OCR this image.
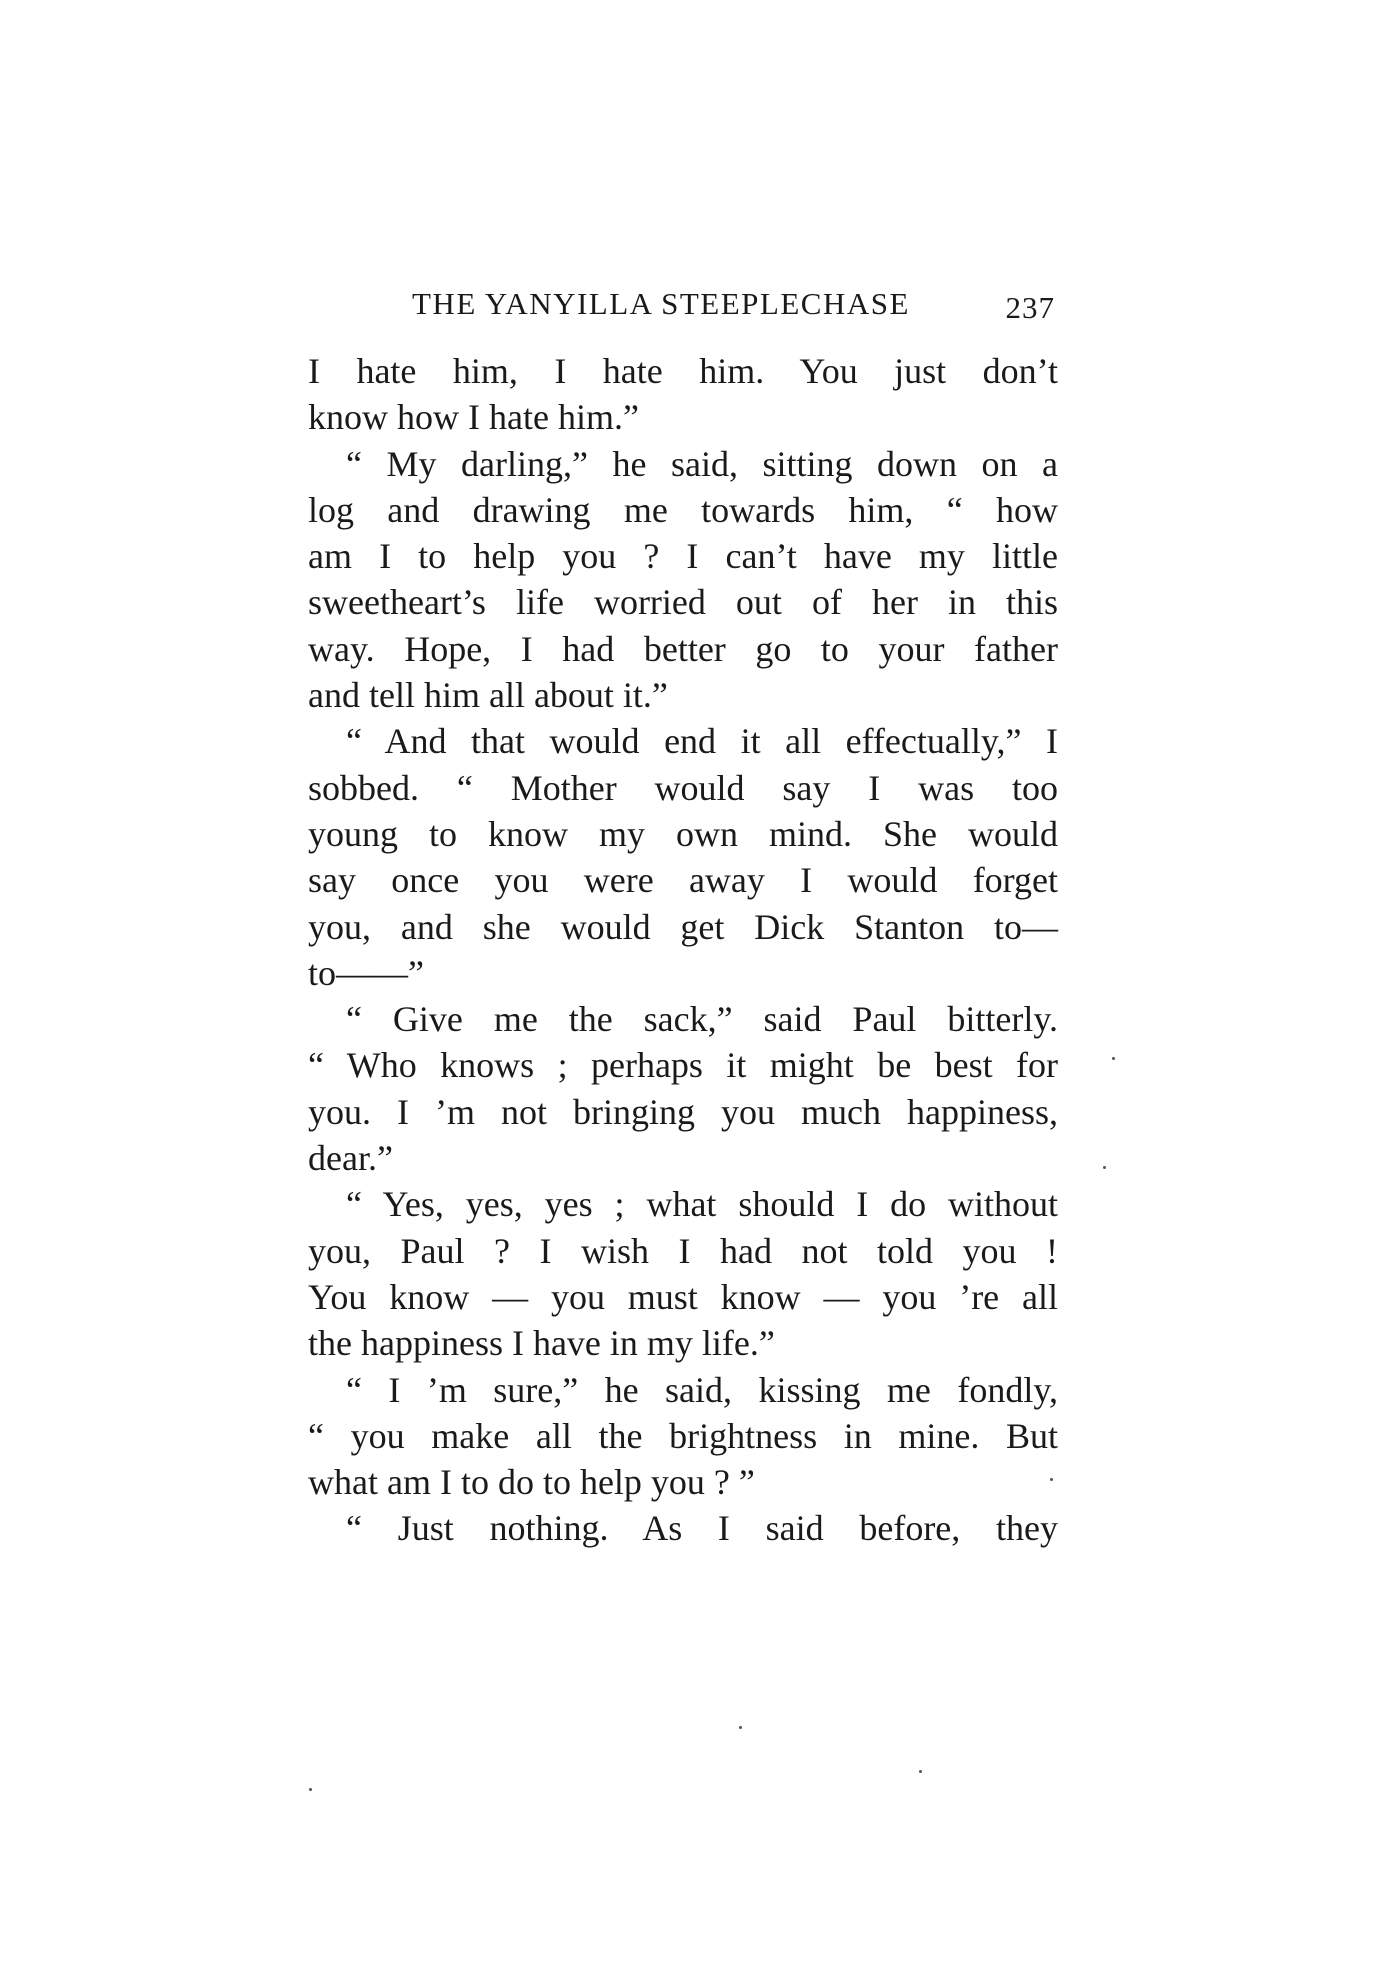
THE YANYILLA STEEPLECHASE	237
I hate him, I hate him. You just don’t
know how I hate him.”
“ My darling,” he said, sitting down on a
log and drawing me towards him, “ how
am I to help you ? I can’t have my little
sweetheart’s life worried out of her in this
way. Hope, I had better go to your father
and tell him all about it.”
“ And that would end it all effectually,” I
sobbed. “ Mother would say I was too
young to know my own mind. She would
say once you were away I would forget
you, and she would get Dick Stanton to—
to——”
“ Give me the sack,” said Paul bitterly.
“ Who knows ; perhaps it might be best for
you. I ’m not bringing you much happiness,
dear.”
“ Yes, yes, yes ; what should I do without
you, Paul ? I wish I had not told you !
You know — you must know — you ’re all
the happiness I have in my life.”
“ I ’m sure,” he said, kissing me fondly,
“ you make all the brightness in mine. But
what am I to do to help you ? ”
“ Just nothing. As I said before, they
